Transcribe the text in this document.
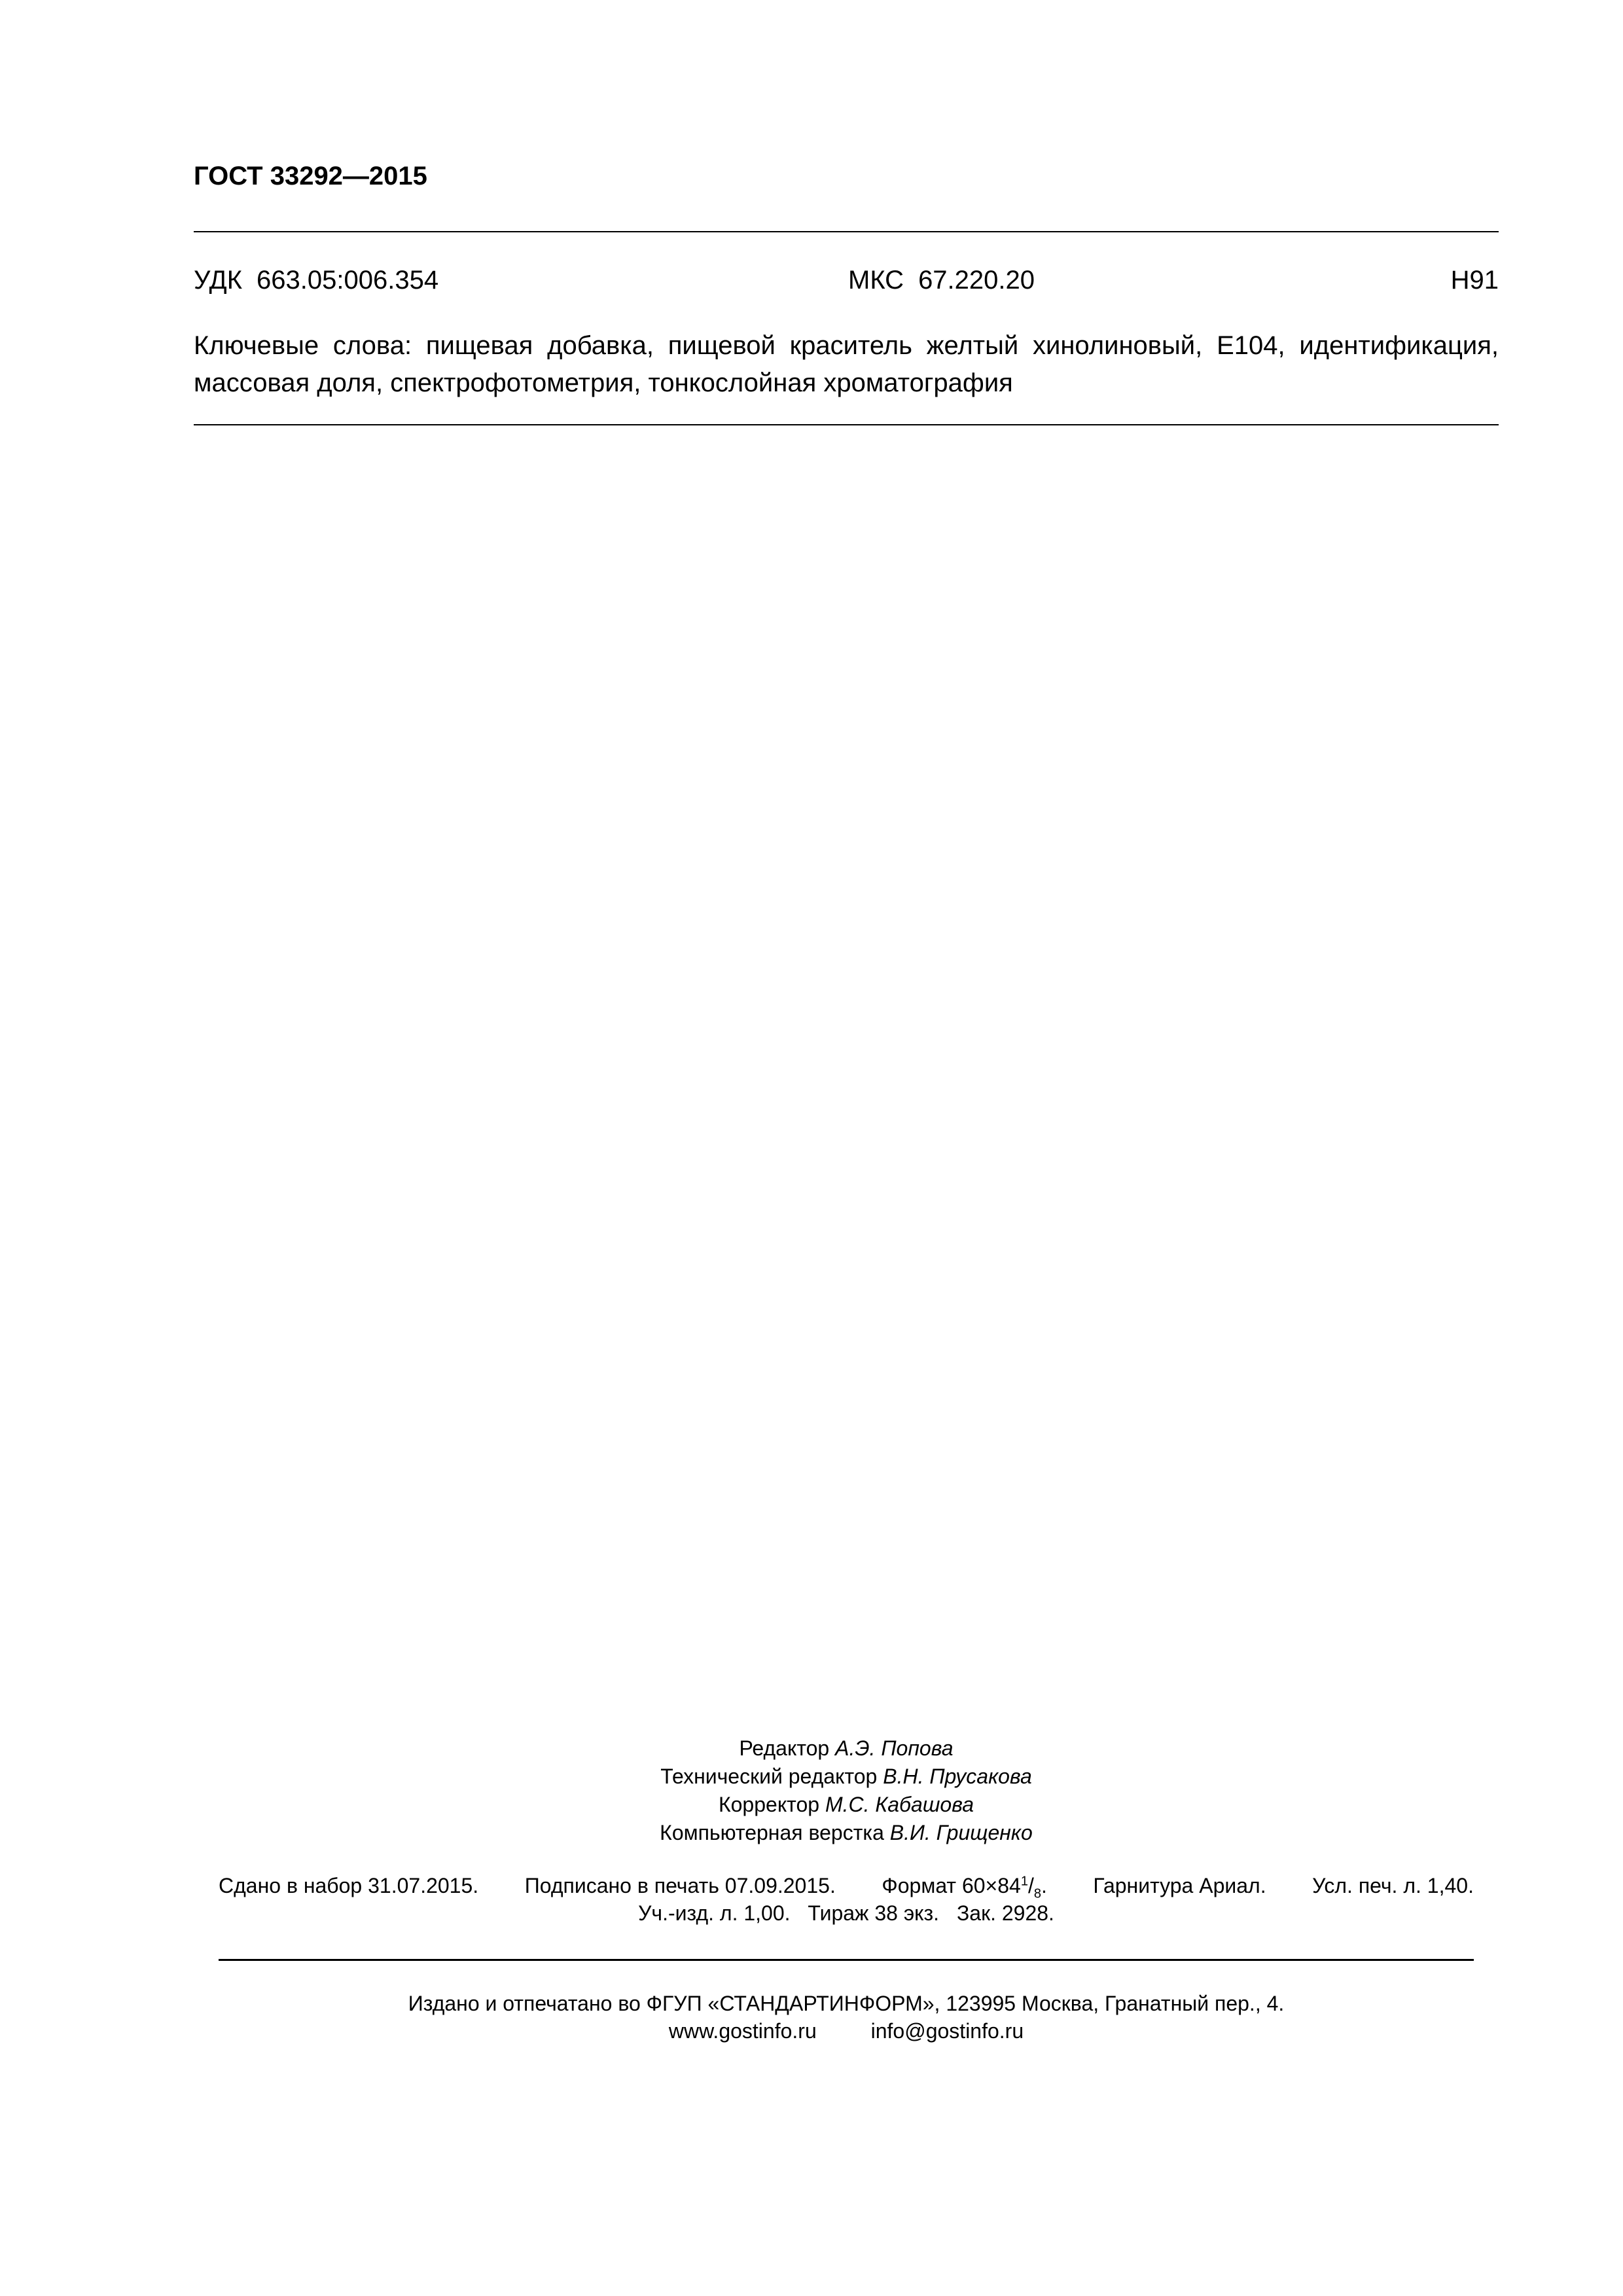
ГОСТ 33292—2015
УДК 663.05:006.354	МКС 67.220.20	Н91
Ключевые слова: пищевая добавка, пищевой краситель желтый хинолиновый, Е104, идентификация,
массовая доля, спектрофотометрия, тонкослойная хроматография
Редактор А.Э. Попова
Технический редактор В.Н. Прусакова
Корректор М.С. Кабашова
Компьютерная верстка В.И. Грищенко
Сдано в набор 31.07.2015. Подписано в печать 07.09.2015. Формат $60\times 84^1/_8$. Гарнитура Ариал. Усл. печ. л. 1,40.
Уч.-изд. л. 1,00. Тираж 38 экз. Зак. 2928.
Издано и отпечатано во ФГУП «СТАНДАРТИНФОРМ», 123995 Москва, Гранатный пер., 4.
www.gostinfo.ru	info@gostinfo.ru
